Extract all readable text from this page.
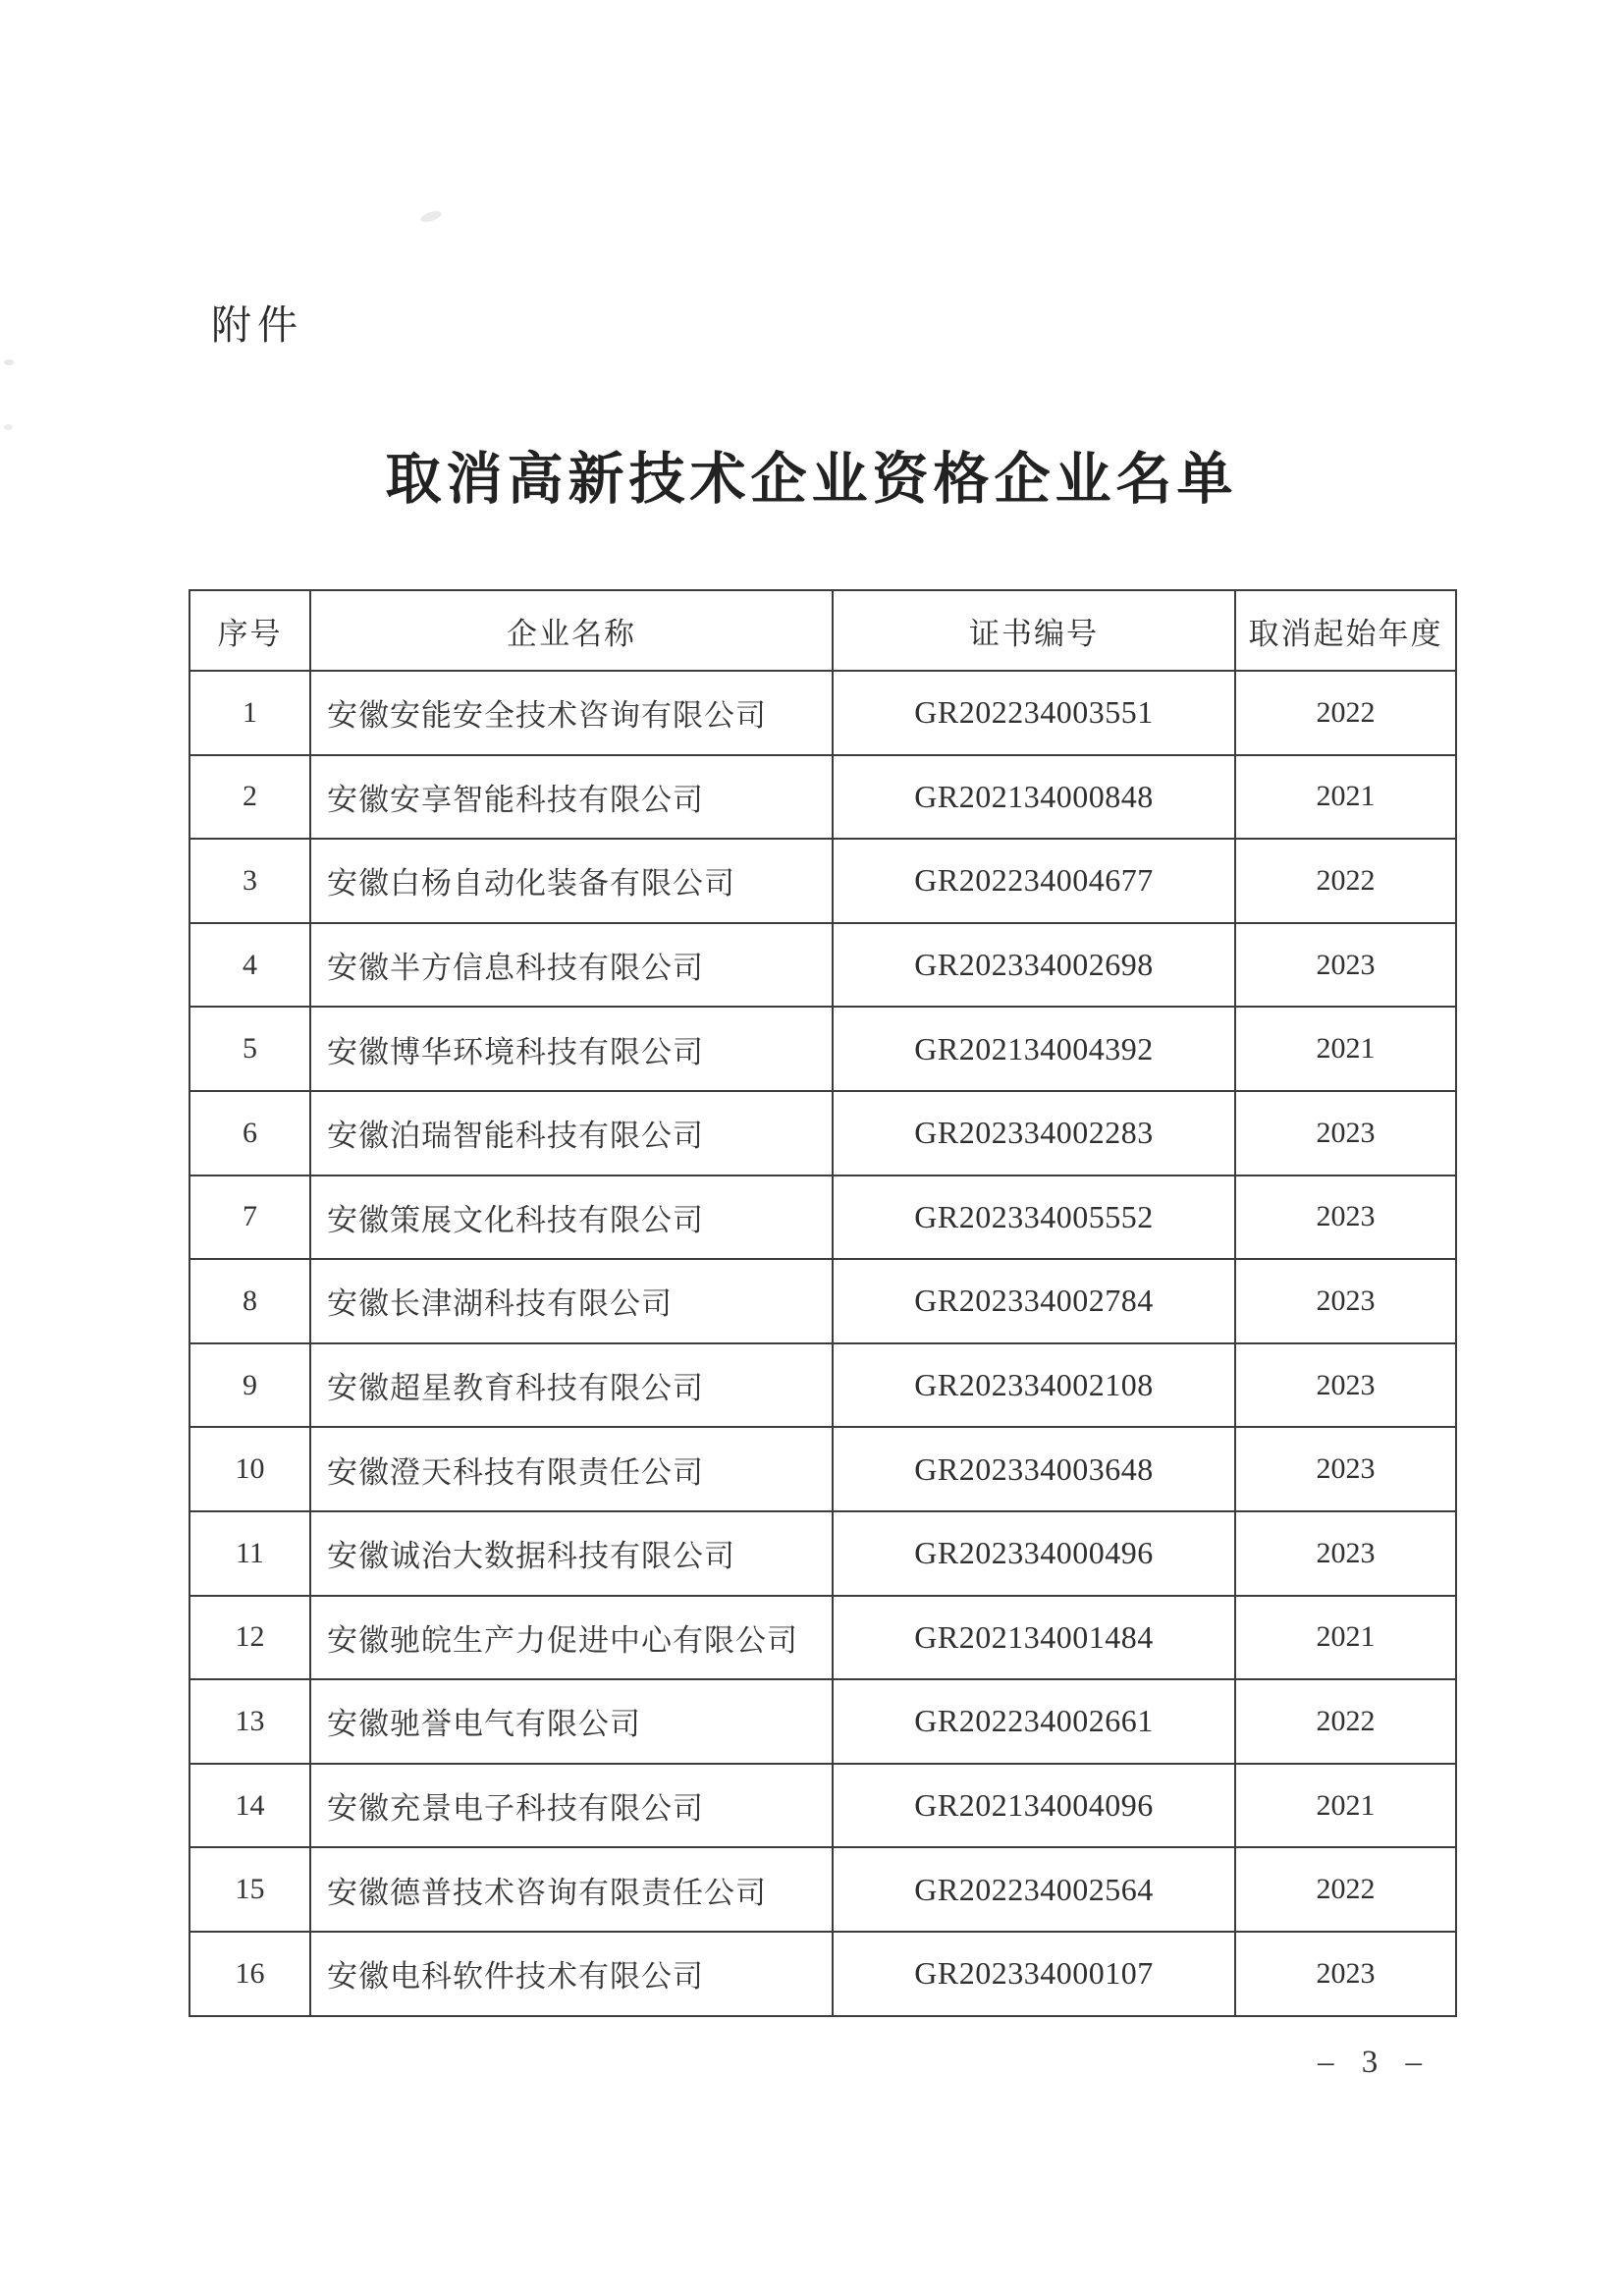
附件
取消高新技术企业资格企业名单
序号	企业名称	证书编号	取消起始年度
1	安徽安能安全技术咨询有限公司	GR202234003551	2022
2	安徽安享智能科技有限公司	GR202134000848	2021
3	安徽白杨自动化装备有限公司	GR202234004677	2022
4	安徽半方信息科技有限公司	GR202334002698	2023
5	安徽博华环境科技有限公司	GR202134004392	2021
6	安徽泊瑞智能科技有限公司	GR202334002283	2023
7	安徽策展文化科技有限公司	GR202334005552	2023
8	安徽长津湖科技有限公司	GR202334002784	2023
9	安徽超星教育科技有限公司	GR202334002108	2023
10	安徽澄天科技有限责任公司	GR202334003648	2023
11	安徽诚治大数据科技有限公司	GR202334000496	2023
12	安徽驰皖生产力促进中心有限公司	GR202134001484	2021
13	安徽驰誉电气有限公司	GR202234002661	2022
14	安徽充景电子科技有限公司	GR202134004096	2021
15	安徽德普技术咨询有限责任公司	GR202234002564	2022
16	安徽电科软件技术有限公司	GR202334000107	2023
– 3 –
